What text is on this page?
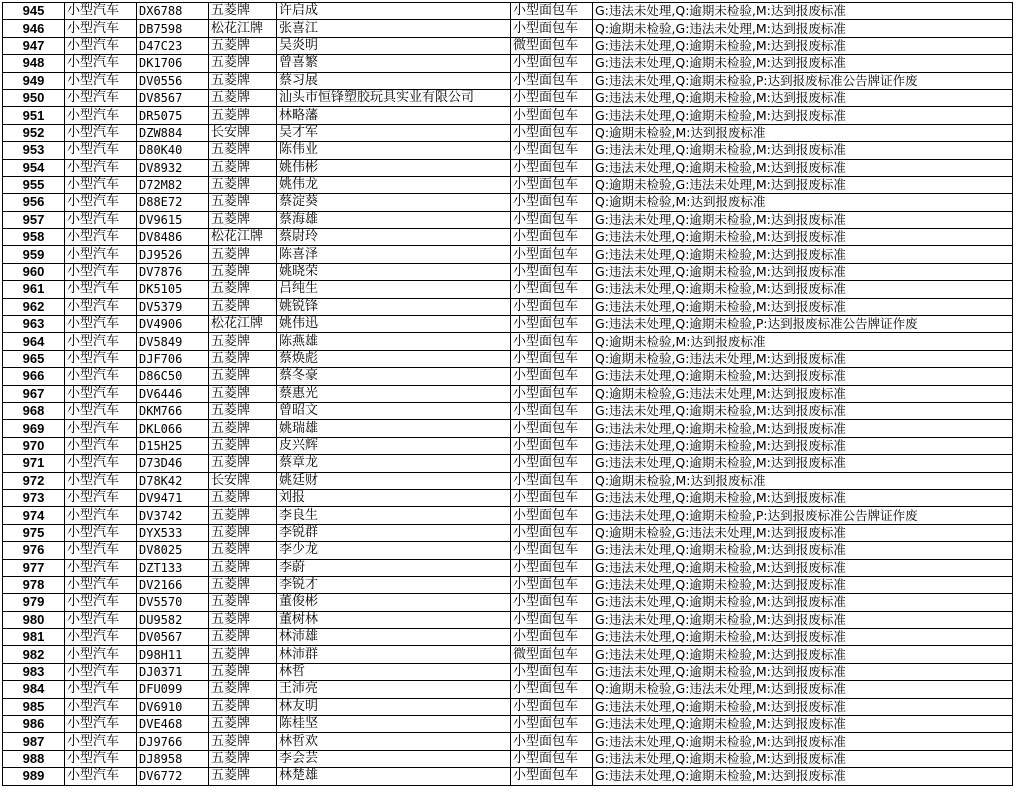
945	小型汽车	DX6788	五菱牌	许启成	小型面包车	G:违法未处理,Q:逾期未检验,M:达到报废标准
946	小型汽车	DB7598	松花江牌	张喜江	小型面包车	Q:逾期未检验,G:违法未处理,M:达到报废标准
947	小型汽车	D47C23	五菱牌	吴炎明	微型面包车	G:违法未处理,Q:逾期未检验,M:达到报废标准
948	小型汽车	DK1706	五菱牌	曾喜繁	小型面包车	G:违法未处理,Q:逾期未检验,M:达到报废标准
949	小型汽车	DV0556	五菱牌	蔡习展	小型面包车	G:违法未处理,Q:逾期未检验,P:达到报废标准公告牌证作废
950	小型汽车	DV8567	五菱牌	汕头市恒锋塑胶玩具实业有限公司	小型面包车	G:违法未处理,Q:逾期未检验,M:达到报废标准
951	小型汽车	DR5075	五菱牌	林略藩	小型面包车	G:违法未处理,Q:逾期未检验,M:达到报废标准
952	小型汽车	DZW884	长安牌	吴才军	小型面包车	Q:逾期未检验,M:达到报废标准
953	小型汽车	D80K40	五菱牌	陈伟业	小型面包车	G:违法未处理,Q:逾期未检验,M:达到报废标准
954	小型汽车	DV8932	五菱牌	姚伟彬	小型面包车	G:违法未处理,Q:逾期未检验,M:达到报废标准
955	小型汽车	D72M82	五菱牌	姚伟龙	小型面包车	Q:逾期未检验,G:违法未处理,M:达到报废标准
956	小型汽车	D88E72	五菱牌	蔡淀葵	小型面包车	Q:逾期未检验,M:达到报废标准
957	小型汽车	DV9615	五菱牌	蔡海雄	小型面包车	G:违法未处理,Q:逾期未检验,M:达到报废标准
958	小型汽车	DV8486	松花江牌	蔡尉玲	小型面包车	G:违法未处理,Q:逾期未检验,M:达到报废标准
959	小型汽车	DJ9526	五菱牌	陈喜泽	小型面包车	G:违法未处理,Q:逾期未检验,M:达到报废标准
960	小型汽车	DV7876	五菱牌	姚晓荣	小型面包车	G:违法未处理,Q:逾期未检验,M:达到报废标准
961	小型汽车	DK5105	五菱牌	吕纯生	小型面包车	G:违法未处理,Q:逾期未检验,M:达到报废标准
962	小型汽车	DV5379	五菱牌	姚锐锋	小型面包车	G:违法未处理,Q:逾期未检验,M:达到报废标准
963	小型汽车	DV4906	松花江牌	姚伟迅	小型面包车	G:违法未处理,Q:逾期未检验,P:达到报废标准公告牌证作废
964	小型汽车	DV5849	五菱牌	陈燕雄	小型面包车	Q:逾期未检验,M:达到报废标准
965	小型汽车	DJF706	五菱牌	蔡焕彪	小型面包车	Q:逾期未检验,G:违法未处理,M:达到报废标准
966	小型汽车	D86C50	五菱牌	蔡冬豪	小型面包车	G:违法未处理,Q:逾期未检验,M:达到报废标准
967	小型汽车	DV6446	五菱牌	蔡惠光	小型面包车	Q:逾期未检验,G:违法未处理,M:达到报废标准
968	小型汽车	DKM766	五菱牌	曾昭文	小型面包车	G:违法未处理,Q:逾期未检验,M:达到报废标准
969	小型汽车	DKL066	五菱牌	姚瑞雄	小型面包车	G:违法未处理,Q:逾期未检验,M:达到报废标准
970	小型汽车	D15H25	五菱牌	皮兴辉	小型面包车	G:违法未处理,Q:逾期未检验,M:达到报废标准
971	小型汽车	D73D46	五菱牌	蔡章龙	小型面包车	G:违法未处理,Q:逾期未检验,M:达到报废标准
972	小型汽车	D78K42	长安牌	姚廷财	小型面包车	Q:逾期未检验,M:达到报废标准
973	小型汽车	DV9471	五菱牌	刘报	小型面包车	G:违法未处理,Q:逾期未检验,M:达到报废标准
974	小型汽车	DV3742	五菱牌	李良生	小型面包车	G:违法未处理,Q:逾期未检验,P:达到报废标准公告牌证作废
975	小型汽车	DYX533	五菱牌	李锐群	小型面包车	Q:逾期未检验,G:违法未处理,M:达到报废标准
976	小型汽车	DV8025	五菱牌	李少龙	小型面包车	G:违法未处理,Q:逾期未检验,M:达到报废标准
977	小型汽车	DZT133	五菱牌	李蔚	小型面包车	G:违法未处理,Q:逾期未检验,M:达到报废标准
978	小型汽车	DV2166	五菱牌	李锐才	小型面包车	G:违法未处理,Q:逾期未检验,M:达到报废标准
979	小型汽车	DV5570	五菱牌	董俊彬	小型面包车	G:违法未处理,Q:逾期未检验,M:达到报废标准
980	小型汽车	DU9582	五菱牌	董树林	小型面包车	G:违法未处理,Q:逾期未检验,M:达到报废标准
981	小型汽车	DV0567	五菱牌	林沛雄	小型面包车	G:违法未处理,Q:逾期未检验,M:达到报废标准
982	小型汽车	D98H11	五菱牌	林沛群	微型面包车	G:违法未处理,Q:逾期未检验,M:达到报废标准
983	小型汽车	DJ0371	五菱牌	林哲	小型面包车	G:违法未处理,Q:逾期未检验,M:达到报废标准
984	小型汽车	DFU099	五菱牌	王沛亮	小型面包车	Q:逾期未检验,G:违法未处理,M:达到报废标准
985	小型汽车	DV6910	五菱牌	林友明	小型面包车	G:违法未处理,Q:逾期未检验,M:达到报废标准
986	小型汽车	DVE468	五菱牌	陈桂坚	小型面包车	G:违法未处理,Q:逾期未检验,M:达到报废标准
987	小型汽车	DJ9766	五菱牌	林哲欢	小型面包车	G:违法未处理,Q:逾期未检验,M:达到报废标准
988	小型汽车	DJ8958	五菱牌	李会芸	小型面包车	G:违法未处理,Q:逾期未检验,M:达到报废标准
989	小型汽车	DV6772	五菱牌	林楚雄	小型面包车	G:违法未处理,Q:逾期未检验,M:达到报废标准
